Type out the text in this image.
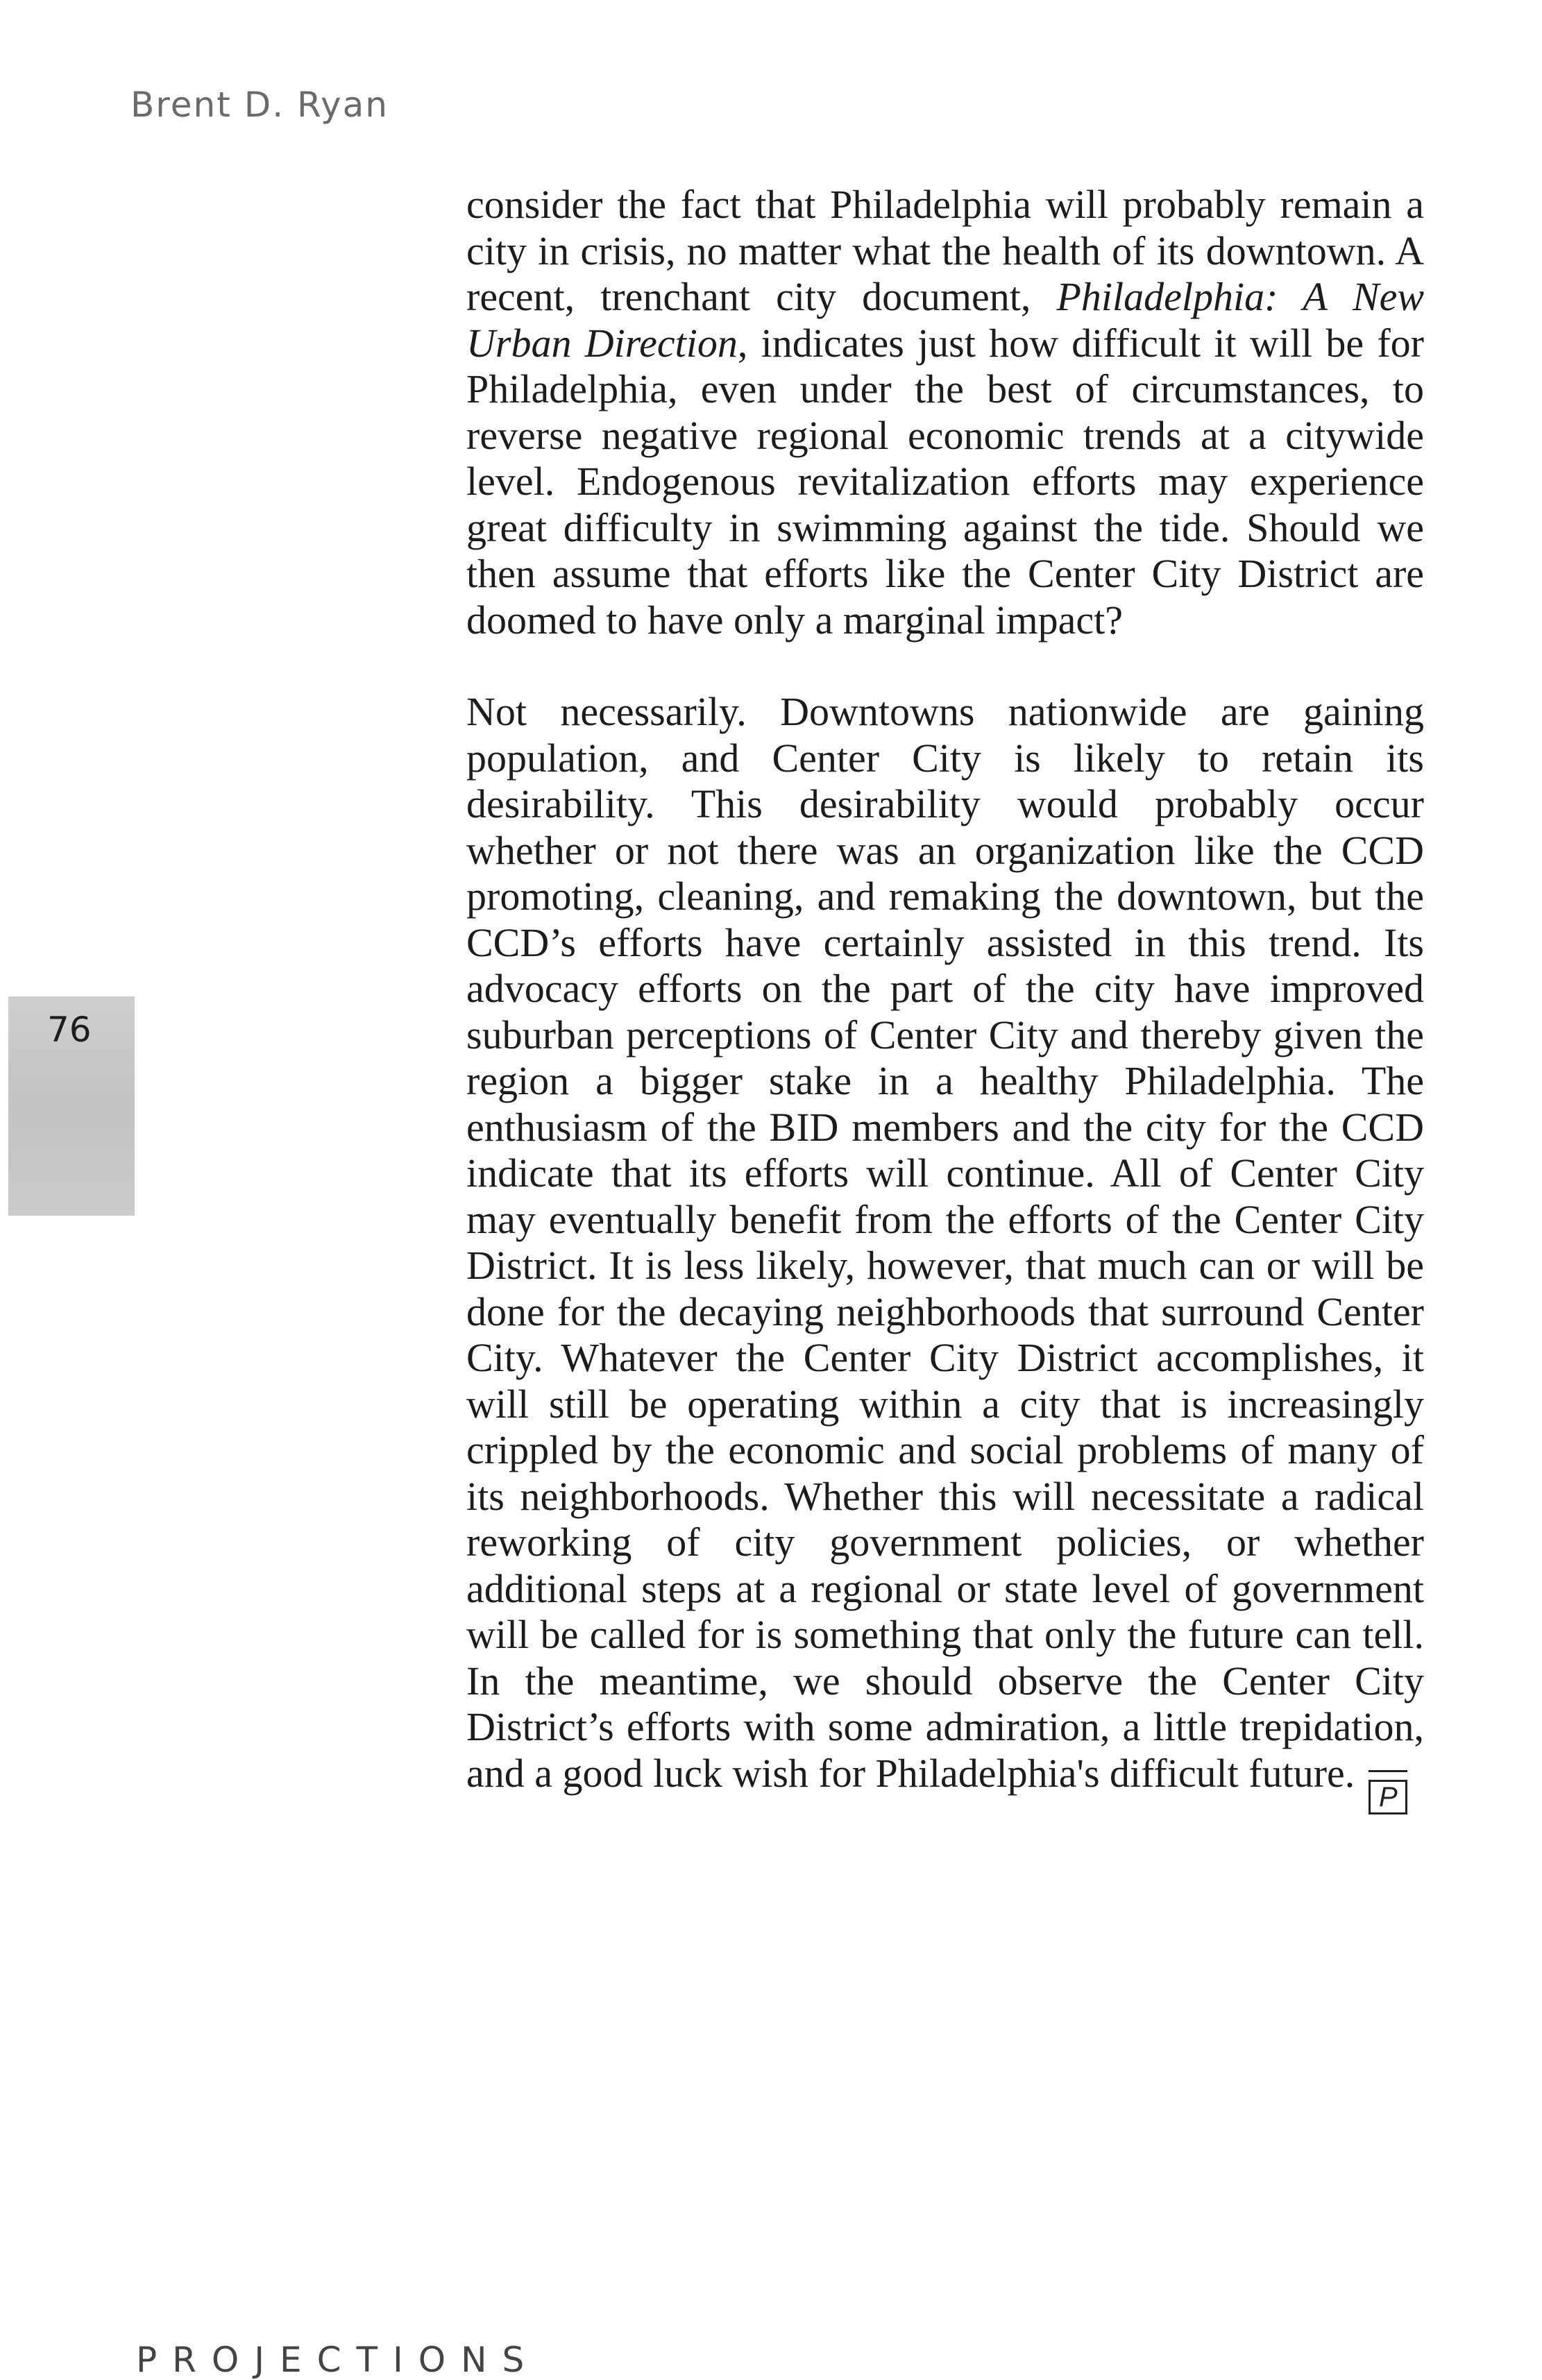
Brent D. Ryan
76

consider the fact that Philadelphia will probably remain a city in crisis, no matter what the health of its downtown. A recent, trenchant city document, Philadelphia: A New Urban Direction, indicates just how difficult it will be for Philadelphia, even under the best of circumstances, to reverse negative regional economic trends at a citywide level. Endogenous revitalization efforts may experience great difficulty in swimming against the tide. Should we then assume that efforts like the Center City District are doomed to have only a marginal impact?

Not necessarily. Downtowns nationwide are gaining population, and Center City is likely to retain its desirability. This desirability would probably occur whether or not there was an organization like the CCD promoting, cleaning, and remaking the downtown, but the CCD’s efforts have certainly assisted in this trend. Its advocacy efforts on the part of the city have improved suburban perceptions of Center City and thereby given the region a bigger stake in a healthy Philadelphia. The enthusiasm of the BID members and the city for the CCD indicate that its efforts will continue. All of Center City may eventually benefit from the efforts of the Center City District. It is less likely, however, that much can or will be done for the decaying neighborhoods that surround Center City. Whatever the Center City District accomplishes, it will still be operating within a city that is increasingly crippled by the economic and social problems of many of its neighborhoods. Whether this will necessitate a radical reworking of city government policies, or whether additional steps at a regional or state level of government will be called for is something that only the future can tell. In the meantime, we should observe the Center City District’s efforts with some admiration, a little trepidation, and a good luck wish for Philadelphia's difficult future.
P

PROJECTIONS
